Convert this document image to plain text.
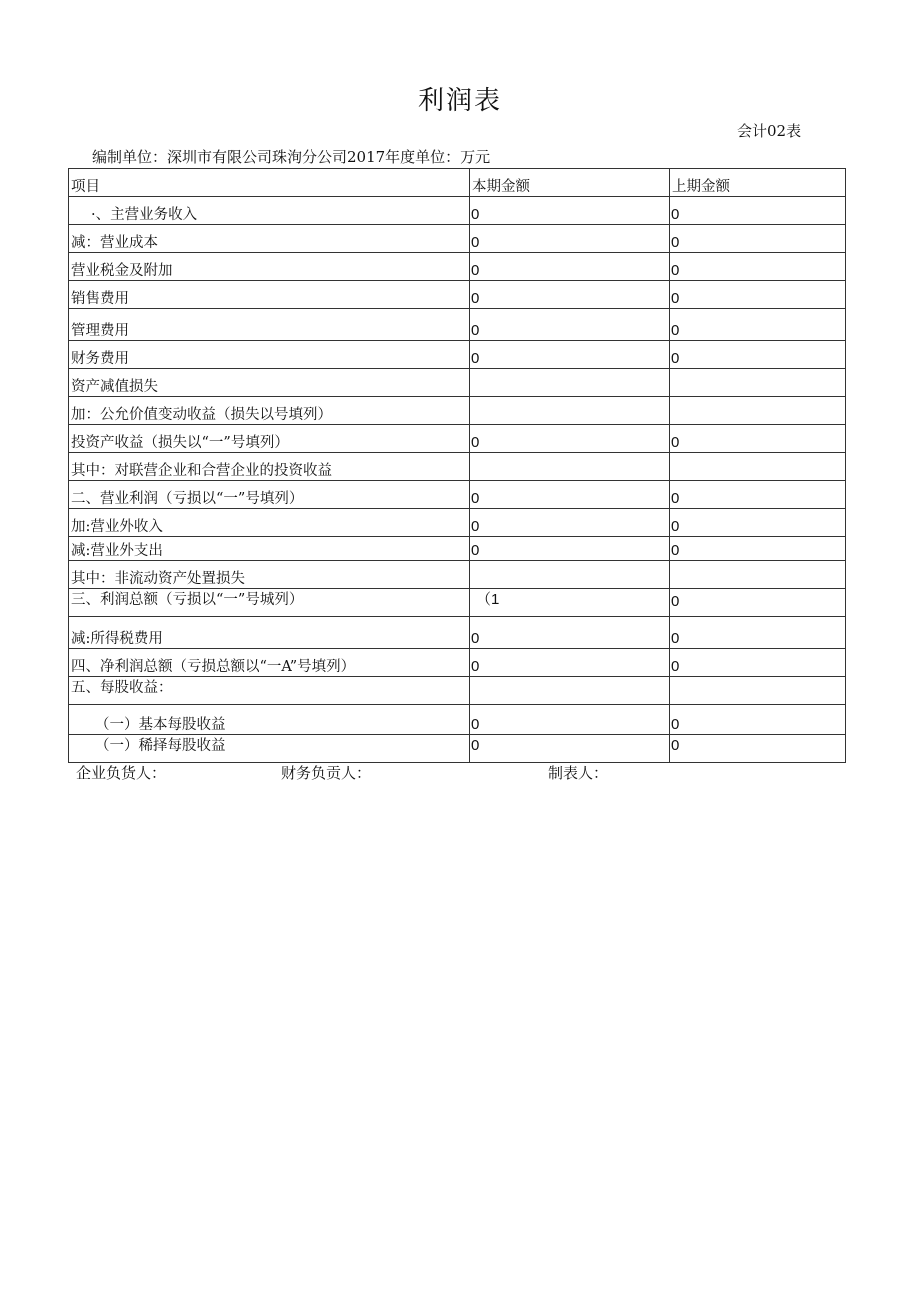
利润表
会计02表
编制单位：深圳市有限公司珠洵分公司2017年度单位：万元
项目	本期金额	上期金额
·、主营业务收入	0	0
减：营业成本	0	0
营业税金及附加	0	0
销售费用	0	0
管理费用	0	0
财务费用	0	0
资产减值损失		
加：公允价值变动收益（损失以号填列）		
投资产收益（损失以“一”号填列）	0	0
其中：对联营企业和合营企业的投资收益		
二、营业利润（亏损以“一”号填列）	0	0
加:营业外收入	0	0
减:营业外支出	0	0
其中：非流动资产处置损失		
三、利润总额（亏损以“一”号城列）	（1	0
减:所得税费用	0	0
四、净利润总额（亏损总额以“一A”号填列）	0	0
五、每股收益：		
（一）基本每股收益	0	0
（一）稀择每股收益	0	0
企业负货人：	财务负贡人：	制表人：
